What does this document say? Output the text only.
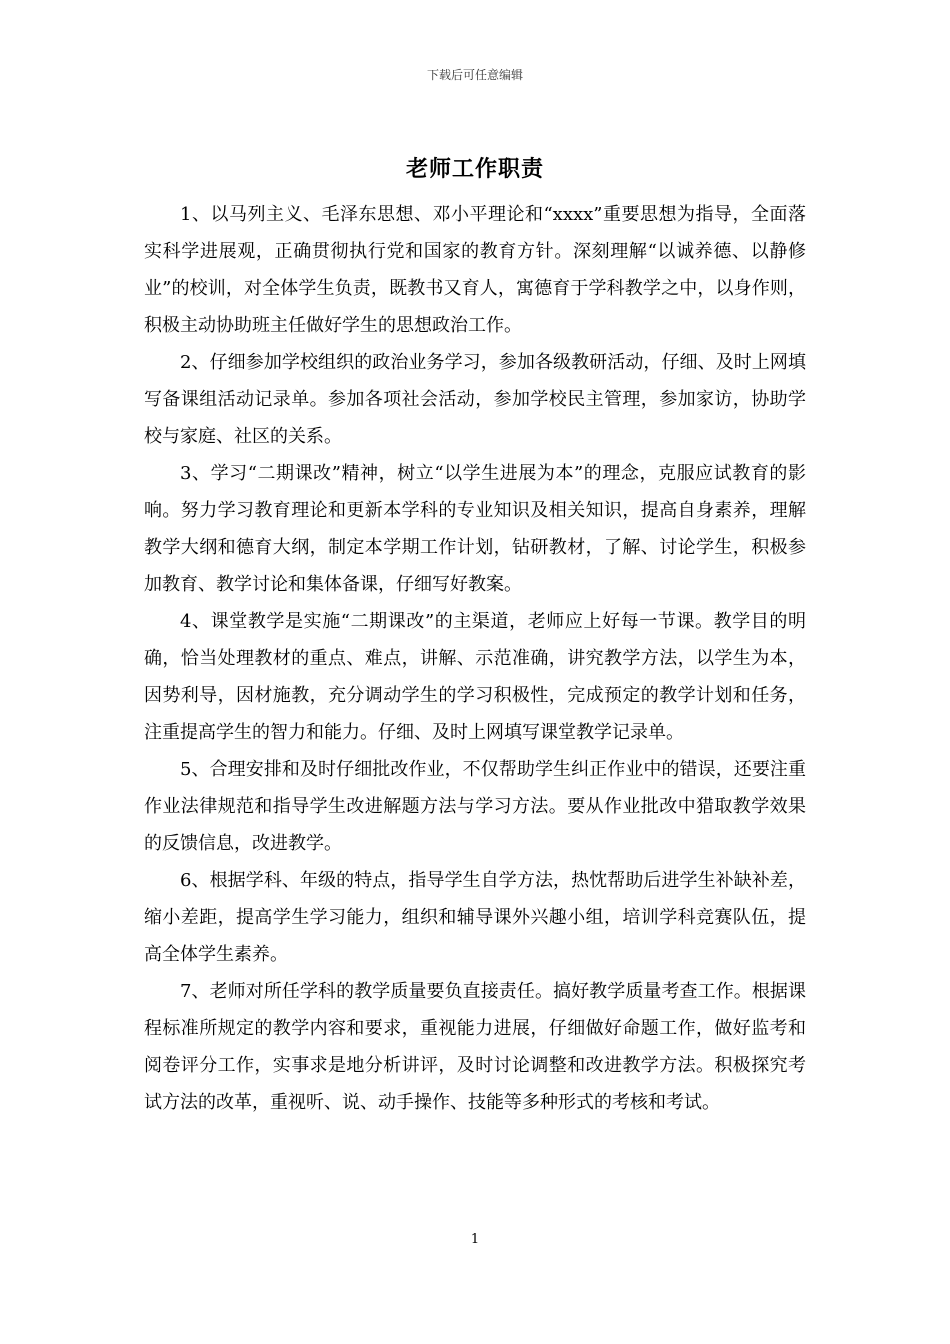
下载后可任意编辑
老师工作职责

1、以马列主义、毛泽东思想、邓小平理论和“xxxx”重要思想为指导，全面落实科学进展观，正确贯彻执行党和国家的教育方针。深刻理解“以诚养德、以静修业”的校训，对全体学生负责，既教书又育人，寓德育于学科教学之中，以身作则，积极主动协助班主任做好学生的思想政治工作。

2、仔细参加学校组织的政治业务学习，参加各级教研活动，仔细、及时上网填写备课组活动记录单。参加各项社会活动，参加学校民主管理，参加家访，协助学校与家庭、社区的关系。

3、学习“二期课改”精神，树立“以学生进展为本”的理念，克服应试教育的影响。努力学习教育理论和更新本学科的专业知识及相关知识，提高自身素养，理解教学大纲和德育大纲，制定本学期工作计划，钻研教材，了解、讨论学生，积极参加教育、教学讨论和集体备课，仔细写好教案。

4、课堂教学是实施“二期课改”的主渠道，老师应上好每一节课。教学目的明确，恰当处理教材的重点、难点，讲解、示范准确，讲究教学方法，以学生为本，因势利导，因材施教，充分调动学生的学习积极性，完成预定的教学计划和任务，注重提高学生的智力和能力。仔细、及时上网填写课堂教学记录单。

5、合理安排和及时仔细批改作业，不仅帮助学生纠正作业中的错误，还要注重作业法律规范和指导学生改进解题方法与学习方法。要从作业批改中猎取教学效果的反馈信息，改进教学。

6、根据学科、年级的特点，指导学生自学方法，热忱帮助后进学生补缺补差，缩小差距，提高学生学习能力，组织和辅导课外兴趣小组，培训学科竞赛队伍，提高全体学生素养。

7、老师对所任学科的教学质量要负直接责任。搞好教学质量考查工作。根据课程标准所规定的教学内容和要求，重视能力进展，仔细做好命题工作，做好监考和阅卷评分工作，实事求是地分析讲评，及时讨论调整和改进教学方法。积极探究考试方法的改革，重视听、说、动手操作、技能等多种形式的考核和考试。

1
